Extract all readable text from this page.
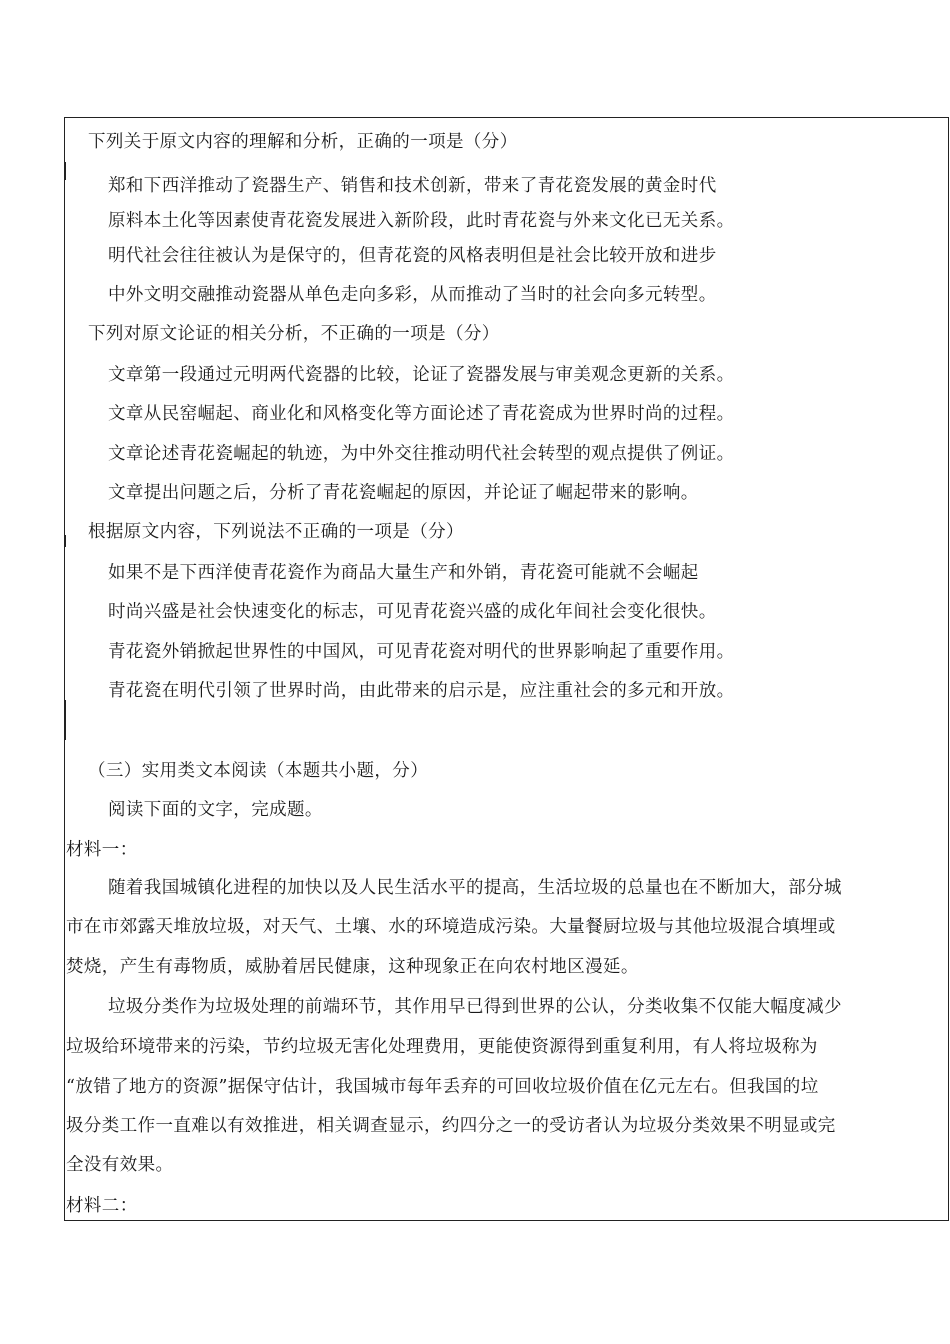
下列关于原文内容的理解和分析，正确的一项是（分）
郑和下西洋推动了瓷器生产、销售和技术创新，带来了青花瓷发展的黄金时代
原料本土化等因素使青花瓷发展进入新阶段，此时青花瓷与外来文化已无关系。
明代社会往往被认为是保守的，但青花瓷的风格表明但是社会比较开放和进步
中外文明交融推动瓷器从单色走向多彩，从而推动了当时的社会向多元转型。
下列对原文论证的相关分析，不正确的一项是（分）
文章第一段通过元明两代瓷器的比较，论证了瓷器发展与审美观念更新的关系。
文章从民窑崛起、商业化和风格变化等方面论述了青花瓷成为世界时尚的过程。
文章论述青花瓷崛起的轨迹，为中外交往推动明代社会转型的观点提供了例证。
文章提出问题之后，分析了青花瓷崛起的原因，并论证了崛起带来的影响。
根据原文内容，下列说法不正确的一项是（分）
如果不是下西洋使青花瓷作为商品大量生产和外销，青花瓷可能就不会崛起
时尚兴盛是社会快速变化的标志，可见青花瓷兴盛的成化年间社会变化很快。
青花瓷外销掀起世界性的中国风，可见青花瓷对明代的世界影响起了重要作用。
青花瓷在明代引领了世界时尚，由此带来的启示是，应注重社会的多元和开放。
（三）实用类文本阅读（本题共小题，分）
阅读下面的文字，完成题。
材料一：
随着我国城镇化进程的加快以及人民生活水平的提高，生活垃圾的总量也在不断加大，部分城
市在市郊露天堆放垃圾，对天气、土壤、水的环境造成污染。大量餐厨垃圾与其他垃圾混合填埋或
焚烧，产生有毒物质，威胁着居民健康，这种现象正在向农村地区漫延。
垃圾分类作为垃圾处理的前端环节，其作用早已得到世界的公认，分类收集不仅能大幅度减少
垃圾给环境带来的污染，节约垃圾无害化处理费用，更能使资源得到重复利用，有人将垃圾称为
“放错了地方的资源”据保守估计，我国城市每年丢弃的可回收垃圾价值在亿元左右。但我国的垃
圾分类工作一直难以有效推进，相关调查显示，约四分之一的受访者认为垃圾分类效果不明显或完
全没有效果。
材料二：
